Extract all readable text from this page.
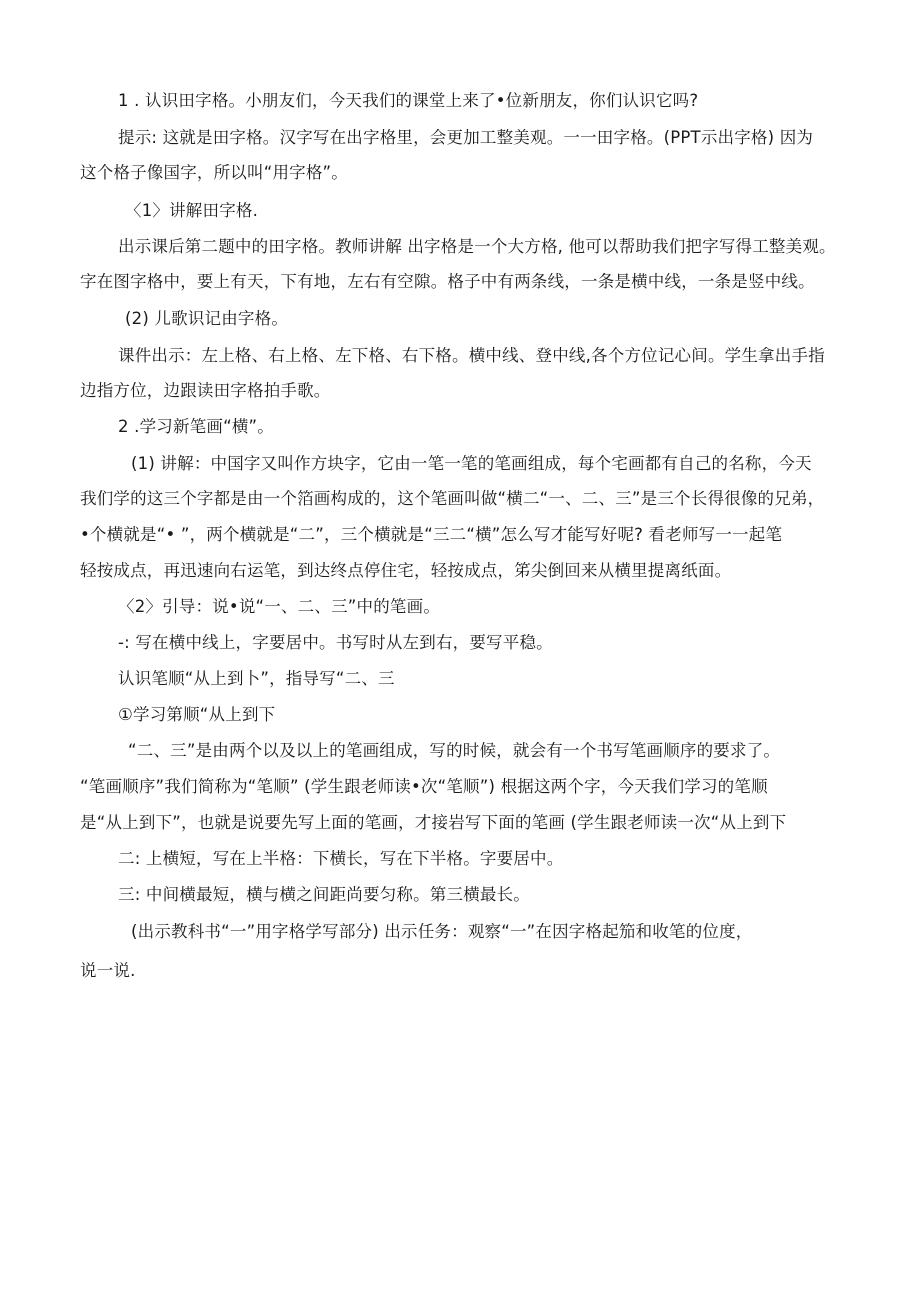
1 . 认识田字格。小朋友们，今天我们的课堂上来了•位新朋友，你们认识它吗?
提示: 这就是田字格。汉字写在出字格里，会更加工整美观。一一田字格。(PPT示出字格) 因为
这个格子像国字，所以叫“用字格”。
〈1〉讲解田字格.
出示课后第二题中的田字格。教师讲解 出字格是一个大方格, 他可以帮助我们把字写得工整美观。
字在图字格中，要上有天，下有地，左右有空隙。格子中有两条线，一条是横中线，一条是竖中线。
(2) 儿歌识记由字格。
课件出示：左上格、右上格、左下格、右下格。横中线、登中线,各个方位记心间。学生拿出手指
边指方位，边跟读田字格拍手歌。
2 .学习新笔画“横”。
(1) 讲解：中国字又叫作方块字，它由一笔一笔的笔画组成，每个宅画都有自己的名称，今天
我们学的这三个字都是由一个箔画构成的，这个笔画叫做“横二“一、二、三”是三个长得很像的兄弟，
•个横就是“• ”，两个横就是“二”，三个横就是“三二“横”怎么写才能写好呢? 看老师写一一起笔
轻按成点，再迅速向右运笔，到达终点停住宅，轻按成点，笫尖倒回来从横里提离纸面。
〈2〉引导：说•说“一、二、三”中的笔画。
-: 写在横中线上，字要居中。书写时从左到右，要写平稳。
认识笔顺“从上到卜”，指导写“二、三
①学习第顺“从上到下
“二、三”是由两个以及以上的笔画组成，写的时候，就会有一个书写笔画顺序的要求了。
“笔画顺序”我们简称为“笔顺” (学生跟老师读•次“笔顺”) 根据这两个字，今天我们学习的笔顺
是“从上到下”，也就是说要先写上面的笔画，才接岩写下面的笔画 (学生跟老师读一次“从上到下
二: 上横短，写在上半格：下横长，写在下半格。字要居中。
三: 中间横最短，横与横之间距尚要匀称。第三横最长。
(出示教科书“一”用字格学写部分) 出示任务：观察“一”在因字格起笳和收笔的位度，
说一说.
